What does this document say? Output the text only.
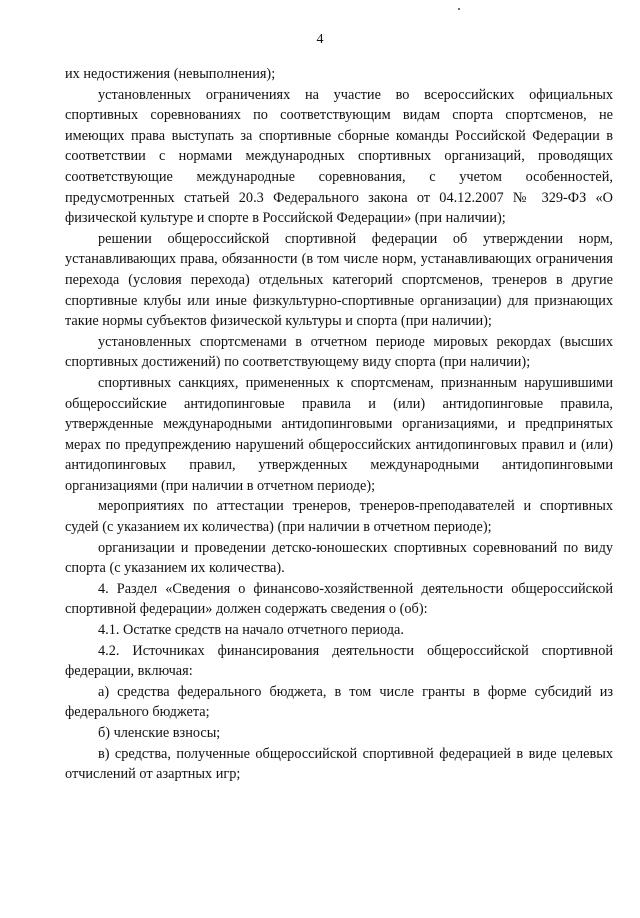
4

их недостижения (невыполнения);

установленных ограничениях на участие во всероссийских официальных спортивных соревнованиях по соответствующим видам спорта спортсменов, не имеющих права выступать за спортивные сборные команды Российской Федерации в соответствии с нормами международных спортивных организаций, проводящих соответствующие международные соревнования, с учетом особенностей, предусмотренных статьей 20.3 Федерального закона от 04.12.2007 № 329-ФЗ «О физической культуре и спорте в Российской Федерации» (при наличии);

решении общероссийской спортивной федерации об утверждении норм, устанавливающих права, обязанности (в том числе норм, устанавливающих ограничения перехода (условия перехода) отдельных категорий спортсменов, тренеров в другие спортивные клубы или иные физкультурно-спортивные организации) для признающих такие нормы субъектов физической культуры и спорта (при наличии);

установленных спортсменами в отчетном периоде мировых рекордах (высших спортивных достижений) по соответствующему виду спорта (при наличии);

спортивных санкциях, примененных к спортсменам, признанным нарушившими общероссийские антидопинговые правила и (или) антидопинговые правила, утвержденные международными антидопинговыми организациями, и предпринятых мерах по предупреждению нарушений общероссийских антидопинговых правил и (или) антидопинговых правил, утвержденных международными антидопинговыми организациями (при наличии в отчетном периоде);

мероприятиях по аттестации тренеров, тренеров-преподавателей и спортивных судей (с указанием их количества) (при наличии в отчетном периоде);

организации и проведении детско-юношеских спортивных соревнований по виду спорта (с указанием их количества).

4. Раздел «Сведения о финансово-хозяйственной деятельности общероссийской спортивной федерации» должен содержать сведения о (об):

4.1. Остатке средств на начало отчетного периода.

4.2. Источниках финансирования деятельности общероссийской спортивной федерации, включая:

а) средства федерального бюджета, в том числе гранты в форме субсидий из федерального бюджета;

б) членские взносы;

в) средства, полученные общероссийской спортивной федерацией в виде целевых отчислений от азартных игр;
